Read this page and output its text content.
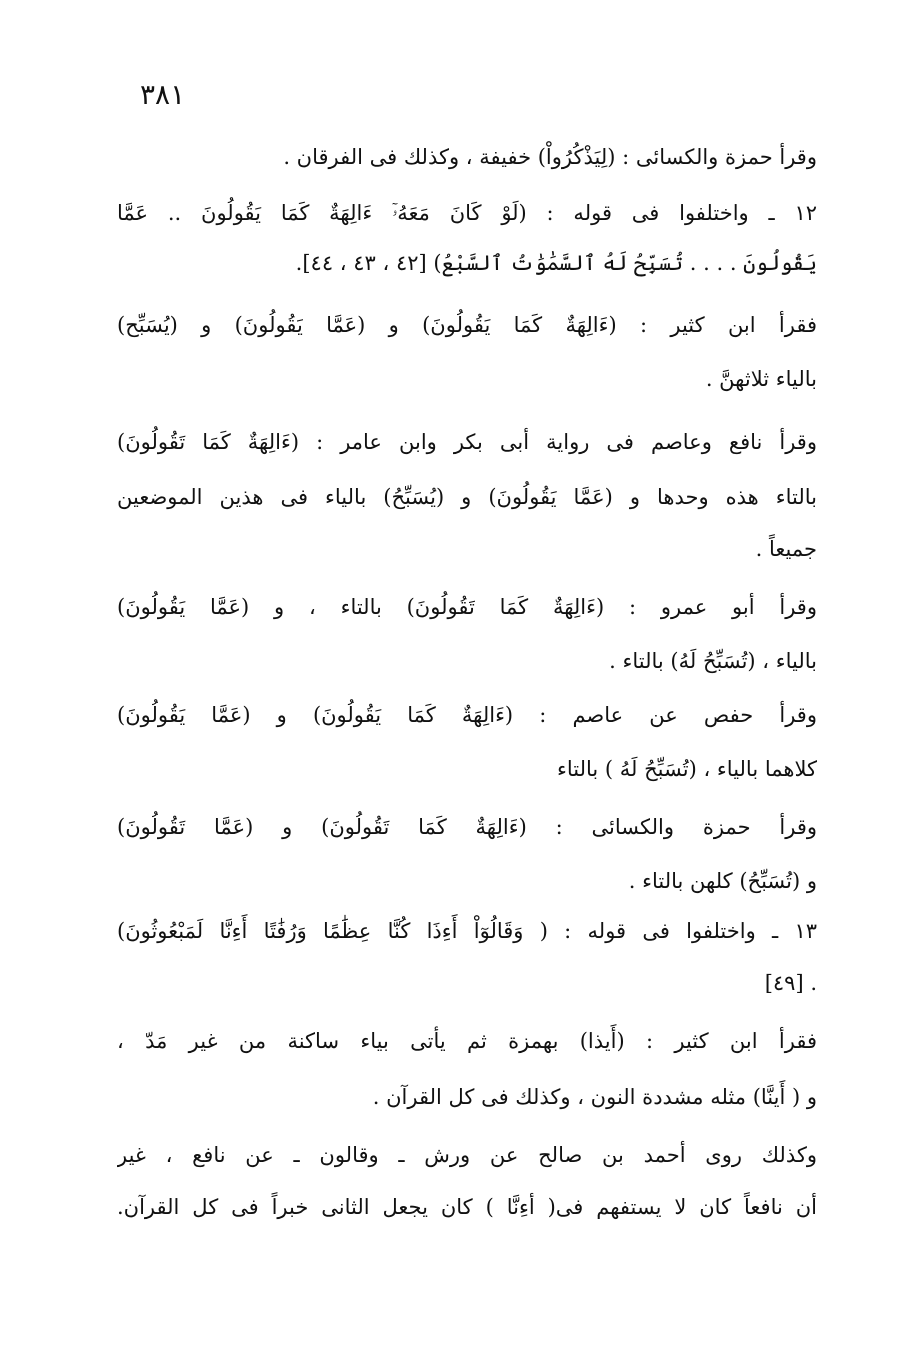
٣٨١
وقرأ حمزة والكسائى : (لِيَذْكُرُواْ) خفيفة ، وكذلك فى الفرقان .
١٢ ـ واختلفوا فى قوله : (لَوْ كَانَ مَعَهُۥٓ ءَالِهَةٌ كَمَا يَقُولُونَ .. عَمَّا
يَقُولُونَ . . . . تُسَبِّحُ لَهُ ٱلسَّمَٰوَٰتُ ٱلسَّبْعُ) [٤٢ ، ٤٣ ، ٤٤].
فقرأ ابن كثير : (ءَالِهَةٌ كَمَا يَقُولُونَ) و (عَمَّا يَقُولُونَ) و (يُسَبِّح)
بالياء ثلاثهنَّ .
وقرأ نافع وعاصم فى رواية أبى بكر وابن عامر : (ءَالِهَةٌ كَمَا تَقُولُونَ)
بالتاء هذه وحدها و (عَمَّا يَقُولُونَ) و (يُسَبِّحُ) بالياء فى هذين الموضعين
جميعاً .
وقرأ أبو عمرو : (ءَالِهَةٌ كَمَا تَقُولُونَ) بالتاء ، و (عَمَّا يَقُولُونَ)
بالياء ، (تُسَبِّحُ لَهُ) بالتاء .
وقرأ حفص عن عاصم : (ءَالِهَةٌ كَمَا يَقُولُونَ) و (عَمَّا يَقُولُونَ)
كلاهما بالياء ، (تُسَبِّحُ لَهُ ) بالتاء
وقرأ حمزة والكسائى : (ءَالِهَةٌ كَمَا تَقُولُونَ) و (عَمَّا تَقُولُونَ)
و (تُسَبِّحُ) كلهن بالتاء .
١٣ ـ واختلفوا فى قوله : ( وَقَالُوٓاْ أَءِذَا كُنَّا عِظَٰمًا وَرُفَٰتًا أَءِنَّا لَمَبْعُوثُونَ)
. [٤٩]
فقرأ ابن كثير : (أَيذا) بهمزة ثم يأتى بياء ساكنة من غير مَدّ ،
و ( أَينَّا) مثله مشددة النون ، وكذلك فى كل القرآن .
وكذلك روى أحمد بن صالح عن ورش ـ وقالون ـ عن نافع ، غير
أن نافعاً كان لا يستفهم فى( أءِنَّا ) كان يجعل الثانى خبراً فى كل القرآن.
